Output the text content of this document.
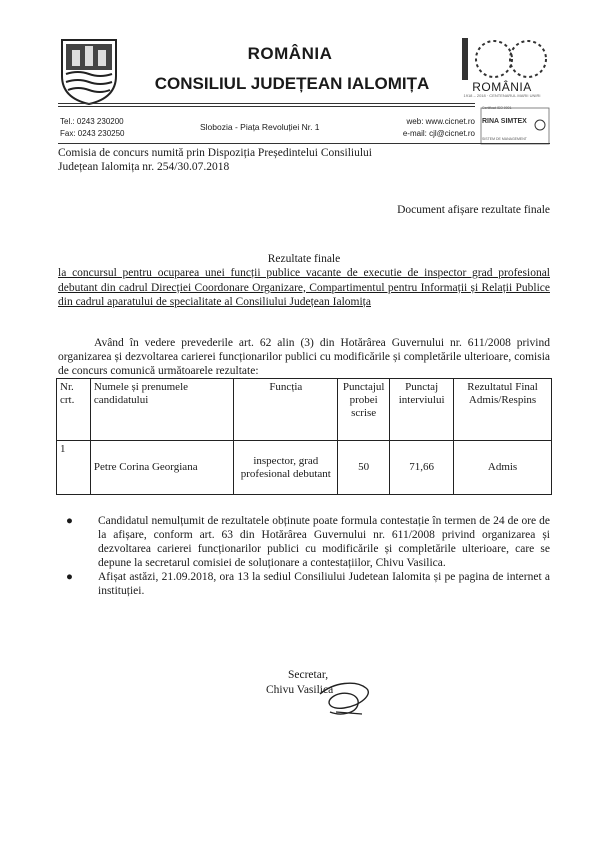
ROMÂNIA
CONSILIUL JUDEȚEAN IALOMIȚA	ROMÂNIA
1918 – 2018 · CENTENARUL MARII UNIRI
Tel.: 0243 230200
Fax: 0243 230250
Slobozia - Piața Revoluției Nr. 1
web: www.cicnet.ro
e-mail: cjl@cicnet.ro
Certificat ISO 9001
RINA SIMTEX
SISTEM DE MANAGEMENT
Comisia de concurs numită prin Dispoziția Președintelui Consiliului Județean Ialomița nr. 254/30.07.2018
Document afișare rezultate finale
Rezultate finale
la concursul pentru ocuparea unei funcții publice vacante de executie de inspector grad profesional debutant din cadrul Direcției Coordonare Organizare, Compartimentul pentru Informații și Relații Publice din cadrul aparatului de specialitate al Consiliului Județean Ialomița
Având în vedere prevederile art. 62 alin (3) din Hotărârea Guvernului nr. 611/2008 privind organizarea și dezvoltarea carierei funcționarilor publici cu modificările și completările ulterioare, comisia de concurs comunică următoarele rezultate:
Nr. crt.	Numele și prenumele candidatului	Funcția	Punctajul probei scrise	Punctaj interviului	Rezultatul Final Admis/Respins
1	Petre Corina Georgiana	inspector, grad profesional debutant	50	71,66	Admis
● Candidatul nemulțumit de rezultatele obținute poate formula contestație în termen de 24 de ore de la afișare, conform art. 63 din Hotărârea Guvernului nr. 611/2008 privind organizarea și dezvoltarea carierei funcționarilor publici cu modificările și completările ulterioare, care se depune la secretarul comisiei de soluționare a contestațiilor, Chivu Vasilica.
● Afișat astăzi, 21.09.2018, ora 13 la sediul Consiliului Judetean Ialomita și pe pagina de internet a instituției.
Secretar,
Chivu Vasilica
